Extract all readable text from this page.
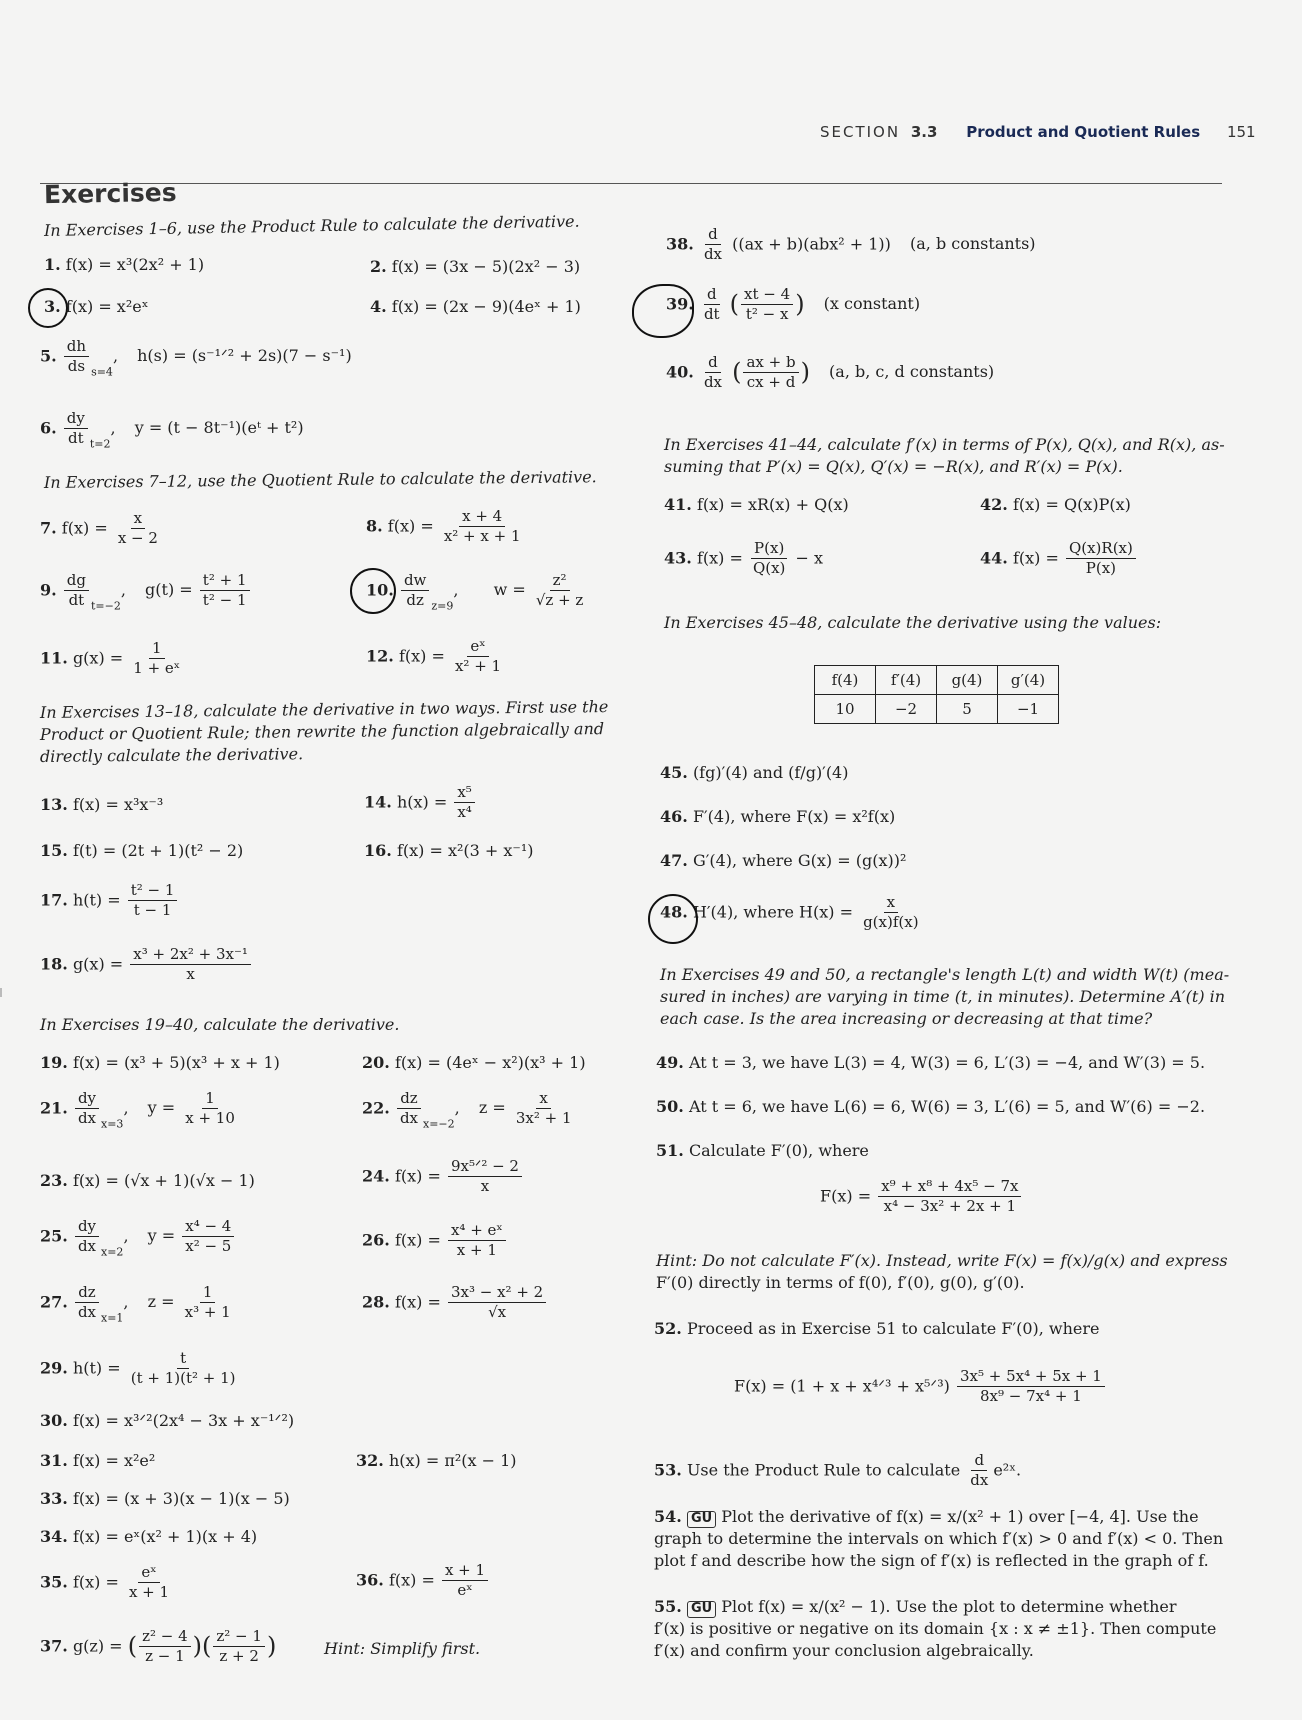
SECTION 3.3 Product and Quotient Rules 151
Exercises
In Exercises 1–6, use the Product Rule to calculate the derivative.
1. f(x) = x³(2x² + 1)	2. f(x) = (3x − 5)(2x² − 3)
3. f(x) = x²eˣ	4. f(x) = (2x − 9)(4eˣ + 1)
5. $\frac{dh}{ds} _{s=4}$, h(s) = (s⁻¹ᐟ² + 2s)(7 − s⁻¹)
6. $\frac{dy}{dt} _{t=2}$, y = (t − 8t⁻¹)(eᵗ + t²)
In Exercises 7–12, use the Quotient Rule to calculate the derivative.
7. $f(x) = \frac{x}{x - 2}$	8. $f(x) = \frac{x + 4}{\text{x² + x + 1}}$
9. $\frac{dg}{dt} _{t=-2}$, $g(t) = \frac{\text{t² + 1}}{\text{t² − 1}}$	10. $\frac{dw}{dz} _{z=9}$, $w = \frac{\text{z²}}{√z + z}$
11. $g(x) = \frac{1}{\text{1 + eˣ}}$	12. $f(x) = \frac{\text{eˣ}}{\text{x² + 1}}$
In Exercises 13–18, calculate the derivative in two ways. First use the
Product or Quotient Rule; then rewrite the function algebraically and
directly calculate the derivative.
13. f(x) = x³x⁻³	14. $h(x) = \frac{\text{x⁵}}{\text{x⁴}}$
15. f(t) = (2t + 1)(t² − 2)	16. f(x) = x²(3 + x⁻¹)
17. $h(t) = \frac{\text{t² − 1}}{t - 1}$
18. $g(x) = \frac{\text{x³ + 2x² + 3x⁻¹}}{x}$
In Exercises 19–40, calculate the derivative.
19. f(x) = (x³ + 5)(x³ + x + 1)	20. f(x) = (4eˣ − x²)(x³ + 1)
21. $\frac{dy}{dx} _{x=3}$, $y = \frac{1}{x + 10}$	22. $\frac{dz}{dx} _{x=-2}$, $z = \frac{x}{\text{3x² + 1}}$
23. f(x) = (√x + 1)(√x − 1)	24. $f(x) = \frac{\text{9x⁵ᐟ² − 2}}{x}$
25. $\frac{dy}{dx} _{x=2}$, $y = \frac{\text{x⁴ − 4}}{\text{x² − 5}}$	26. $f(x) = \frac{\text{x⁴ + eˣ}}{x + 1}$
27. $\frac{dz}{dx} _{x=1}$, $z = \frac{1}{\text{x³ + 1}}$	28. $f(x) = \frac{\text{3x³ − x² + 2}}{√x}$
29. $h(t) = \frac{t}{\text{(t + 1)(t² + 1)}}$
30. f(x) = x³ᐟ²(2x⁴ − 3x + x⁻¹ᐟ²)
31. f(x) = x²e²	32. h(x) = π²(x − 1)
33. f(x) = (x + 3)(x − 1)(x − 5)
34. f(x) = eˣ(x² + 1)(x + 4)
35. $f(x) = \frac{\text{eˣ}}{x + 1}$	36. $f(x) = \frac{x + 1}{\text{eˣ}}$
37. g(z) = ( $\frac{\text{z² − 4}}{z - 1}$ )( $\frac{\text{z² − 1}}{z + 2}$ )	Hint: Simplify first.
38. $\frac{d}{dx} ((ax + b)(abx^2 + 1))$ (a, b constants)
39. $\frac{d}{dt}$ ( $\frac{xt - 4}{\text{t² − x}}$ ) (x constant)
40. $\frac{d}{dx}$ ( $\frac{ax + b}{cx + d}$ ) (a, b, c, d constants)
In Exercises 41–44, calculate f′(x) in terms of P(x), Q(x), and R(x), as-
suming that P′(x) = Q(x), Q′(x) = −R(x), and R′(x) = P(x).
41. f(x) = xR(x) + Q(x)	42. f(x) = Q(x)P(x)
43. $f(x) = \frac{P(x)}{Q(x)} - x$	44. $f(x) = \frac{Q(x)R(x)}{P(x)}$
In Exercises 45–48, calculate the derivative using the values:
f(4)	f′(4)	g(4)	g′(4)
10	−2	5	−1
45. (fg)′(4) and (f/g)′(4)
46. F′(4), where F(x) = x²f(x)
47. G′(4), where G(x) = (g(x))²
48. H′(4), where $H(x) = \frac{x}{g(x)f(x)}$
In Exercises 49 and 50, a rectangle's length L(t) and width W(t) (mea-
sured in inches) are varying in time (t, in minutes). Determine A′(t) in
each case. Is the area increasing or decreasing at that time?
49. At t = 3, we have L(3) = 4, W(3) = 6, L′(3) = −4, and W′(3) = 5.
50. At t = 6, we have L(6) = 6, W(6) = 3, L′(6) = 5, and W′(6) = −2.
51. Calculate F′(0), where
$F(x) = \frac{\text{x⁹ + x⁸ + 4x⁵ − 7x}}{\text{x⁴ − 3x² + 2x + 1}}$
Hint: Do not calculate F′(x). Instead, write F(x) = f(x)/g(x) and express
F′(0) directly in terms of f(0), f′(0), g(0), g′(0).
52. Proceed as in Exercise 51 to calculate F′(0), where
F(x) = (1 + x + x⁴ᐟ³ + x⁵ᐟ³) $\frac{\text{3x⁵ + 5x⁴ + 5x + 1}}{\text{8x⁹ − 7x⁴ + 1}}$
53. Use the Product Rule to calculate $\frac{d}{dx}$ e²ˣ.
54. GU Plot the derivative of f(x) = x/(x² + 1) over [−4, 4]. Use the
graph to determine the intervals on which f′(x) > 0 and f′(x) < 0. Then
plot f and describe how the sign of f′(x) is reflected in the graph of f.
55. GU Plot f(x) = x/(x² − 1). Use the plot to determine whether
f′(x) is positive or negative on its domain {x : x ≠ ±1}. Then compute
f′(x) and confirm your conclusion algebraically.
